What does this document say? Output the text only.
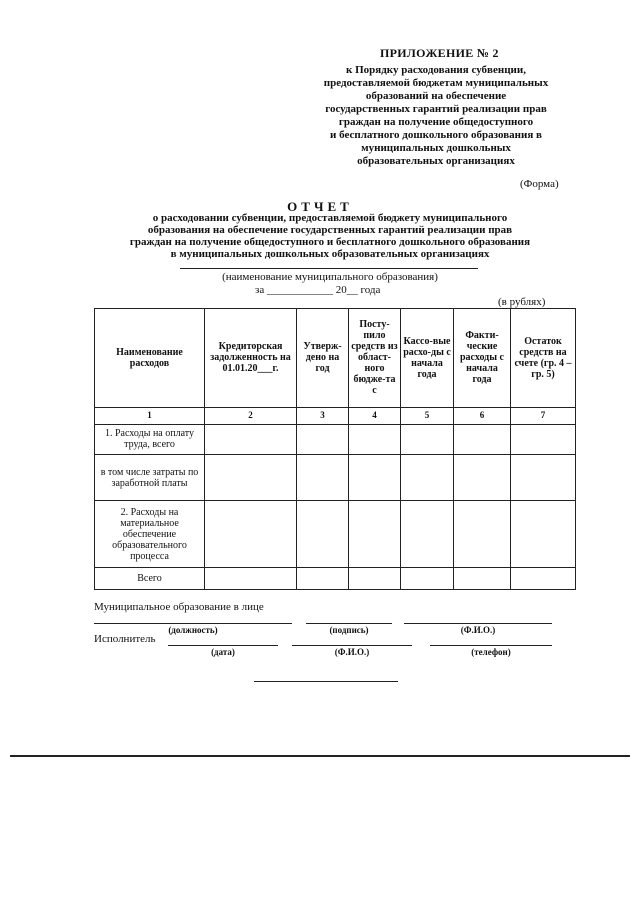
ПРИЛОЖЕНИЕ № 2
к Порядку расходования субвенции,
предоставляемой бюджетам муниципальных
образований на обеспечение
государственных гарантий реализации прав
граждан на получение общедоступного
и бесплатного дошкольного образования в
муниципальных дошкольных
образовательных организациях
(Форма)
ОТЧЕТ
о расходовании субвенции, предоставляемой бюджету муниципального
образования на обеспечение государственных гарантий реализации прав
граждан на получение общедоступного и бесплатного дошкольного образования
в муниципальных дошкольных образовательных организациях
(наименование муниципального образования)
за ____________ 20__ года
(в рублях)
Наименование расходов	Кредиторская задолженность на 01.01.20___г.	Утверж-дено на год	Посту-пило средств из област-ного бюдже-та с	Кассо-вые расхо-ды с начала года	Факти-ческие расходы с начала года	Остаток средств на счете (гр. 4 – гр. 5)
1	2	3	4	5	6	7
1. Расходы на оплату труда, всего						
в том числе затраты по заработной платы						
2. Расходы на материальное обеспечение образовательного процесса						
Всего						
Муниципальное образование в лице
(должность)	(подпись)	(Ф.И.О.)
Исполнитель
(дата)	(Ф.И.О.)	(телефон)
